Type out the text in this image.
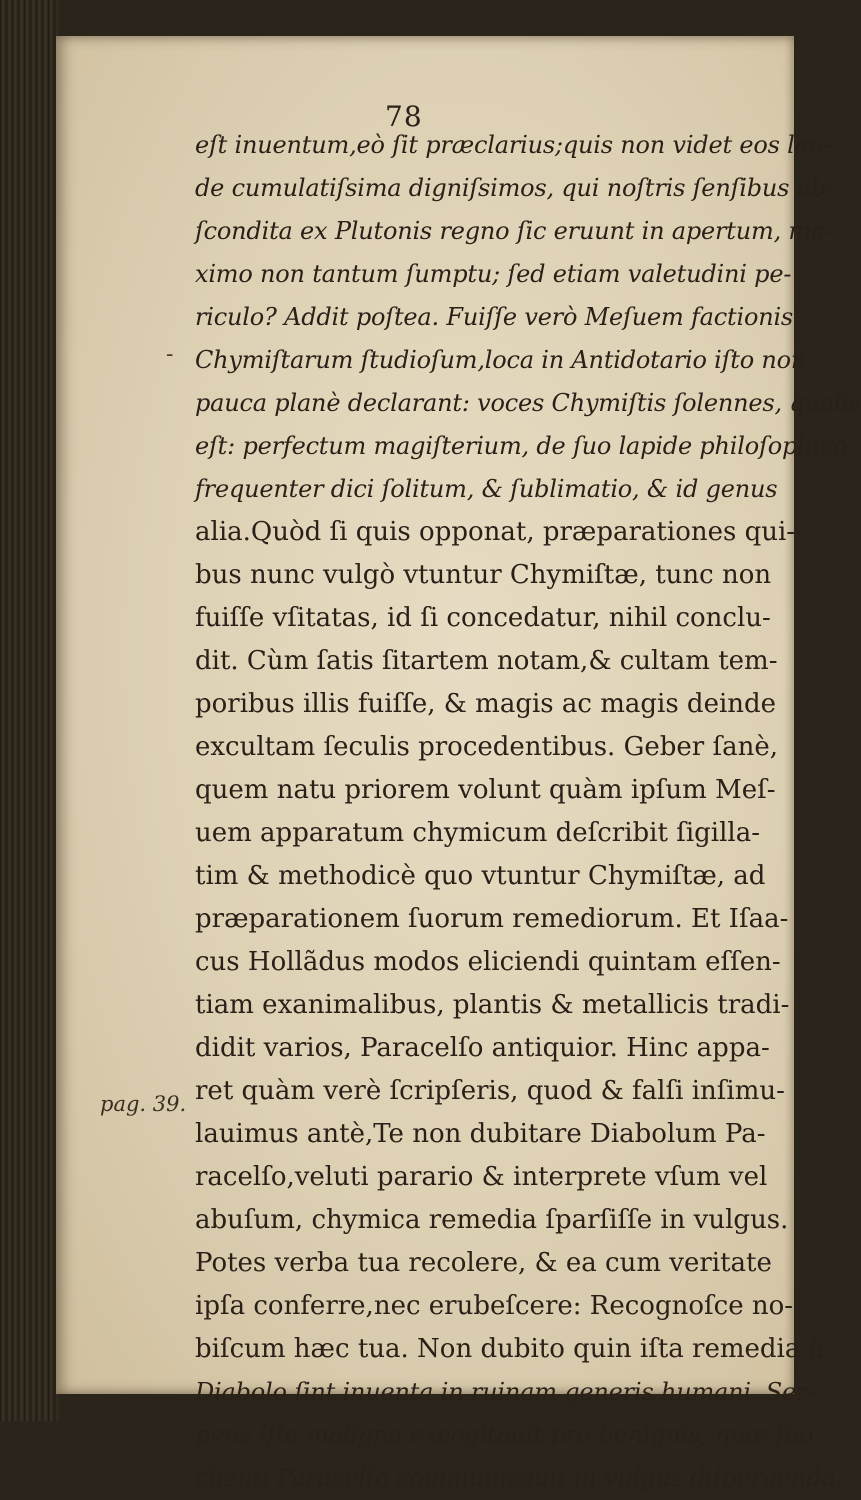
78
-
pag. 39.
eſt inuentum,eò ſit præclarius;quis non videt eos lau-
de cumulatiſsima digniſsimos, qui noſtris ſenſibus ab-
ſcondita ex Plutonis regno ſic eruunt in apertum, ma-
ximo non tantum ſumptu; ſed etiam valetudini pe-
riculo? Addit poſtea. Fuiſſe verò Meſuem factionis
Chymiſtarum ſtudioſum,loca in Antidotario iſto non
pauca planè declarant: voces Chymiſtis ſolennes, qualis
eſt: perfectum magiſterium, de ſuo lapide philoſophico
frequenter dici ſolitum, & ſublimatio, & id genus
alia.Quòd ſi quis opponat, præparationes qui-
bus nunc vulgò vtuntur Chymiſtæ, tunc non
fuiſſe vſitatas, id ſi concedatur, nihil conclu-
dit. Cùm ſatis ſitartem notam,& cultam tem-
poribus illis fuiſſe, & magis ac magis deinde
excultam ſeculis procedentibus. Geber ſanè,
quem natu priorem volunt quàm ipſum Meſ-
uem apparatum chymicum deſcribit ſigilla-
tim & methodicè quo vtuntur Chymiſtæ, ad
præparationem ſuorum remediorum. Et Iſaa-
cus Hollãdus modos eliciendi quintam eſſen-
tiam exanimalibus, plantis & metallicis tradi-
didit varios, Paracelſo antiquior. Hinc appa-
ret quàm verè ſcripſeris, quod & falſi inſimu-
lauimus antè,Te non dubitare Diabolum Pa-
racelſo,veluti parario & interprete vſum vel
abuſum, chymica remedia ſparſiſſe in vulgus.
Potes verba tua recolere, & ea cum veritate
ipſa conferre,nec erubeſcere: Recognoſce no-
biſcum hæc tua. Non dubito quin iſta remedia à
Diabolo ſint inuenta in ruinam generis humani. Ser-
pens iſte maligna excogitauit pro benignis, quæ ſuo
clienti Paracelſo communicauit in vulgus diſpergenda.
